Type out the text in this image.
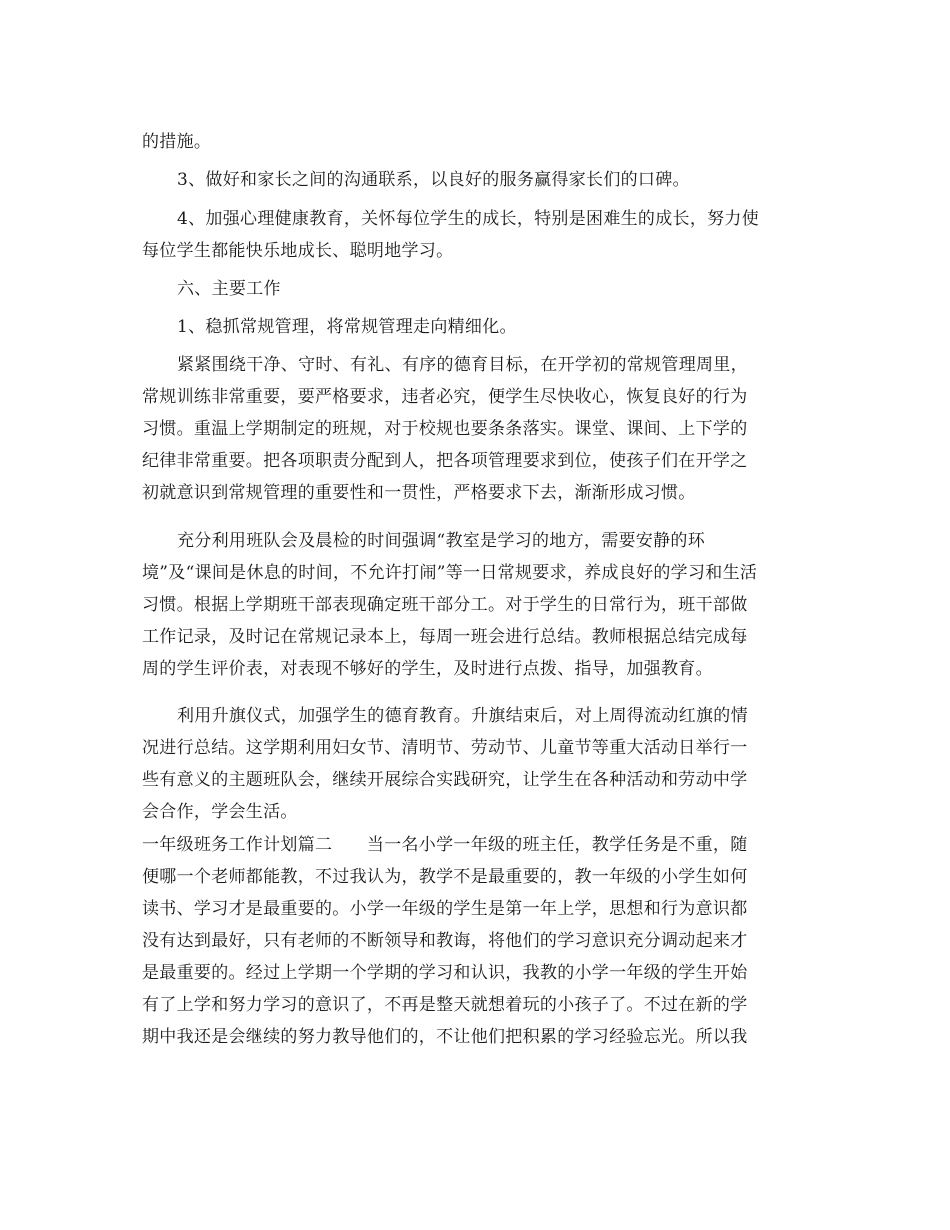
的措施。
3、做好和家长之间的沟通联系，以良好的服务赢得家长们的口碑。
4、加强心理健康教育，关怀每位学生的成长，特别是困难生的成长，努力使
每位学生都能快乐地成长、聪明地学习。
六、主要工作
1、稳抓常规管理，将常规管理走向精细化。
紧紧围绕干净、守时、有礼、有序的德育目标，在开学初的常规管理周里，
常规训练非常重要，要严格要求，违者必究，便学生尽快收心，恢复良好的行为
习惯。重温上学期制定的班规，对于校规也要条条落实。课堂、课间、上下学的
纪律非常重要。把各项职责分配到人，把各项管理要求到位，使孩子们在开学之
初就意识到常规管理的重要性和一贯性，严格要求下去，渐渐形成习惯。
充分利用班队会及晨检的时间强调“教室是学习的地方，需要安静的环
境”及“课间是休息的时间，不允许打闹”等一日常规要求，养成良好的学习和生活
习惯。根据上学期班干部表现确定班干部分工。对于学生的日常行为，班干部做
工作记录，及时记在常规记录本上，每周一班会进行总结。教师根据总结完成每
周的学生评价表，对表现不够好的学生，及时进行点拨、指导，加强教育。
利用升旗仪式，加强学生的德育教育。升旗结束后，对上周得流动红旗的情
况进行总结。这学期利用妇女节、清明节、劳动节、儿童节等重大活动日举行一
些有意义的主题班队会，继续开展综合实践研究，让学生在各种活动和劳动中学
会合作，学会生活。
一年级班务工作计划篇二　　当一名小学一年级的班主任，教学任务是不重，随
便哪一个老师都能教，不过我认为，教学不是最重要的，教一年级的小学生如何
读书、学习才是最重要的。小学一年级的学生是第一年上学，思想和行为意识都
没有达到最好，只有老师的不断领导和教诲，将他们的学习意识充分调动起来才
是最重要的。经过上学期一个学期的学习和认识，我教的小学一年级的学生开始
有了上学和努力学习的意识了，不再是整天就想着玩的小孩子了。不过在新的学
期中我还是会继续的努力教导他们的，不让他们把积累的学习经验忘光。所以我
